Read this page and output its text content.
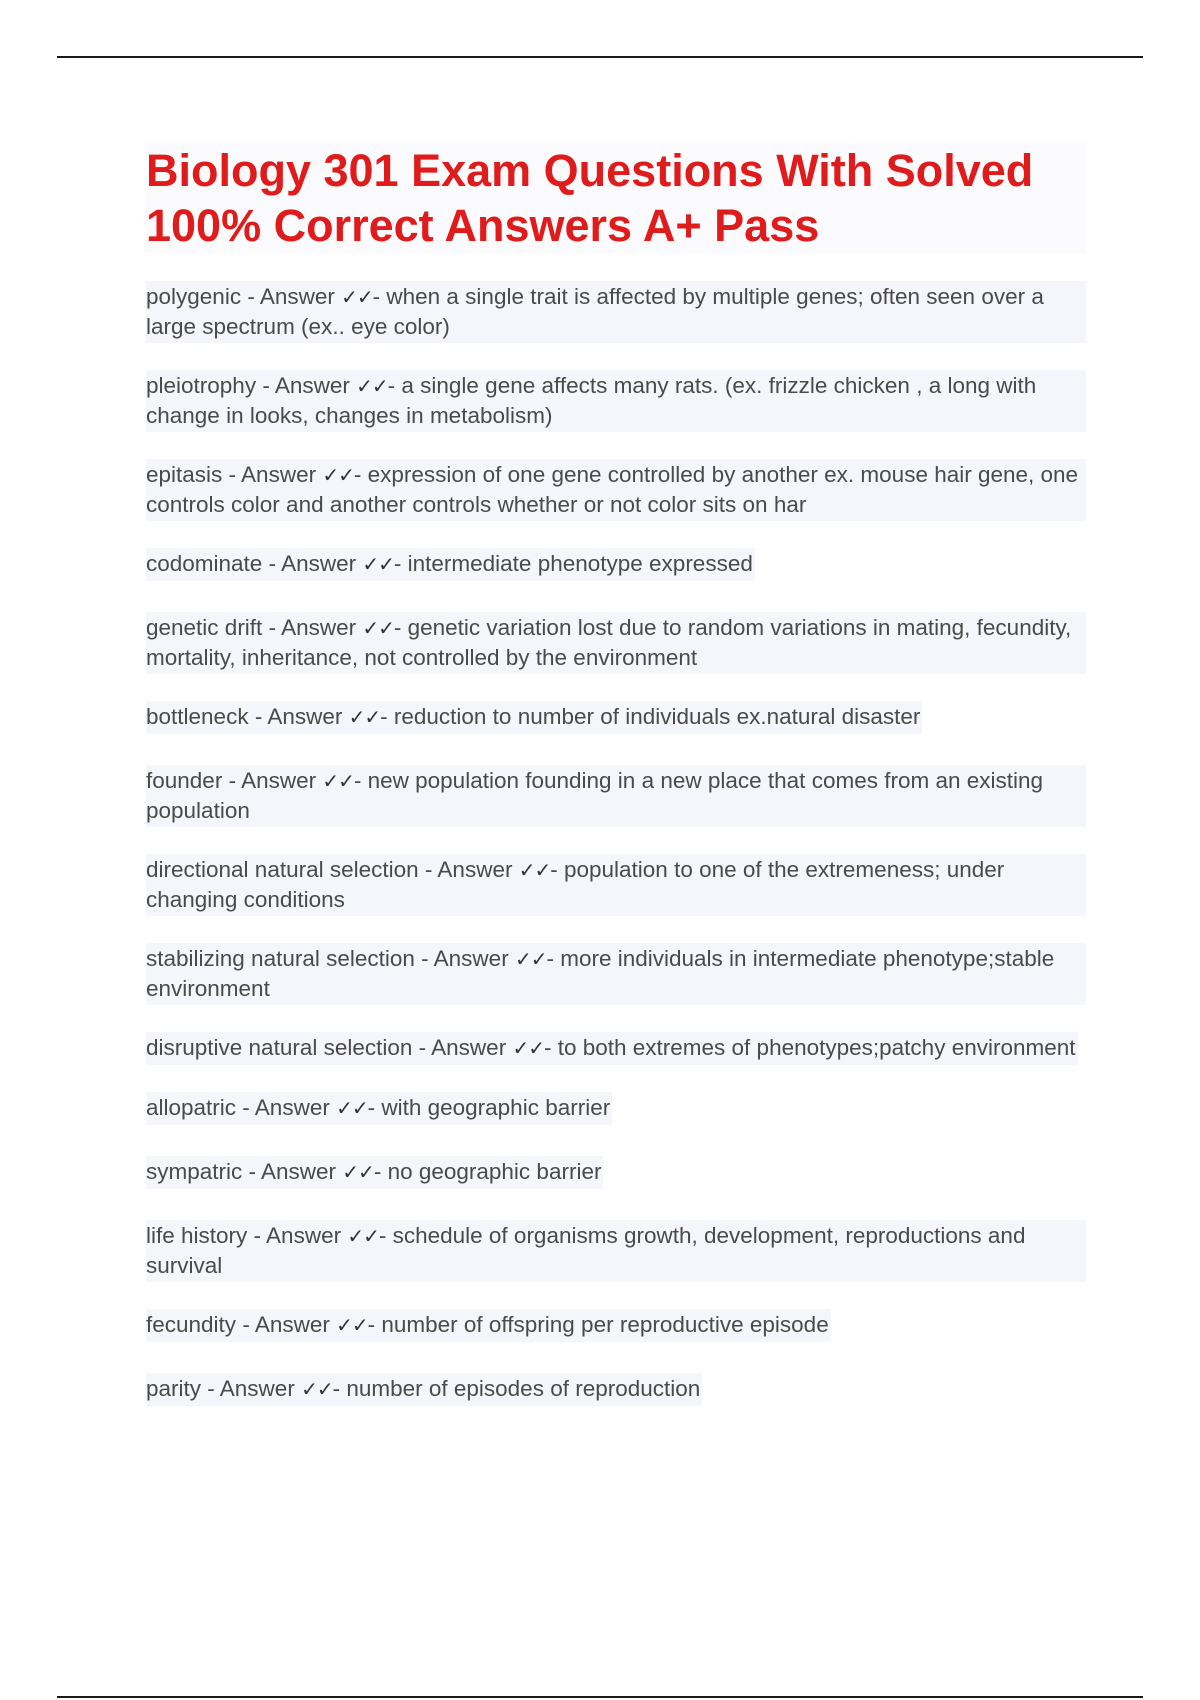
Biology 301 Exam Questions With Solved 100% Correct Answers A+ Pass
polygenic - Answer ✓✓- when a single trait is affected by multiple genes; often seen over a large spectrum (ex.. eye color)
pleiotrophy - Answer ✓✓- a single gene affects many rats. (ex. frizzle chicken , a long with change in looks, changes in metabolism)
epitasis - Answer ✓✓- expression of one gene controlled by another ex. mouse hair gene, one controls color and another controls whether or not color sits on har
codominate - Answer ✓✓- intermediate phenotype expressed
genetic drift - Answer ✓✓- genetic variation lost due to random variations in mating, fecundity, mortality, inheritance, not controlled by the environment
bottleneck - Answer ✓✓- reduction to number of individuals ex.natural disaster
founder - Answer ✓✓- new population founding in a new place that comes from an existing population
directional natural selection - Answer ✓✓- population to one of the extremeness; under changing conditions
stabilizing natural selection - Answer ✓✓- more individuals in intermediate phenotype;stable environment
disruptive natural selection - Answer ✓✓- to both extremes of phenotypes;patchy environment
allopatric - Answer ✓✓- with geographic barrier
sympatric - Answer ✓✓- no geographic barrier
life history - Answer ✓✓- schedule of organisms growth, development, reproductions and survival
fecundity - Answer ✓✓- number of offspring per reproductive episode
parity - Answer ✓✓- number of episodes of reproduction
